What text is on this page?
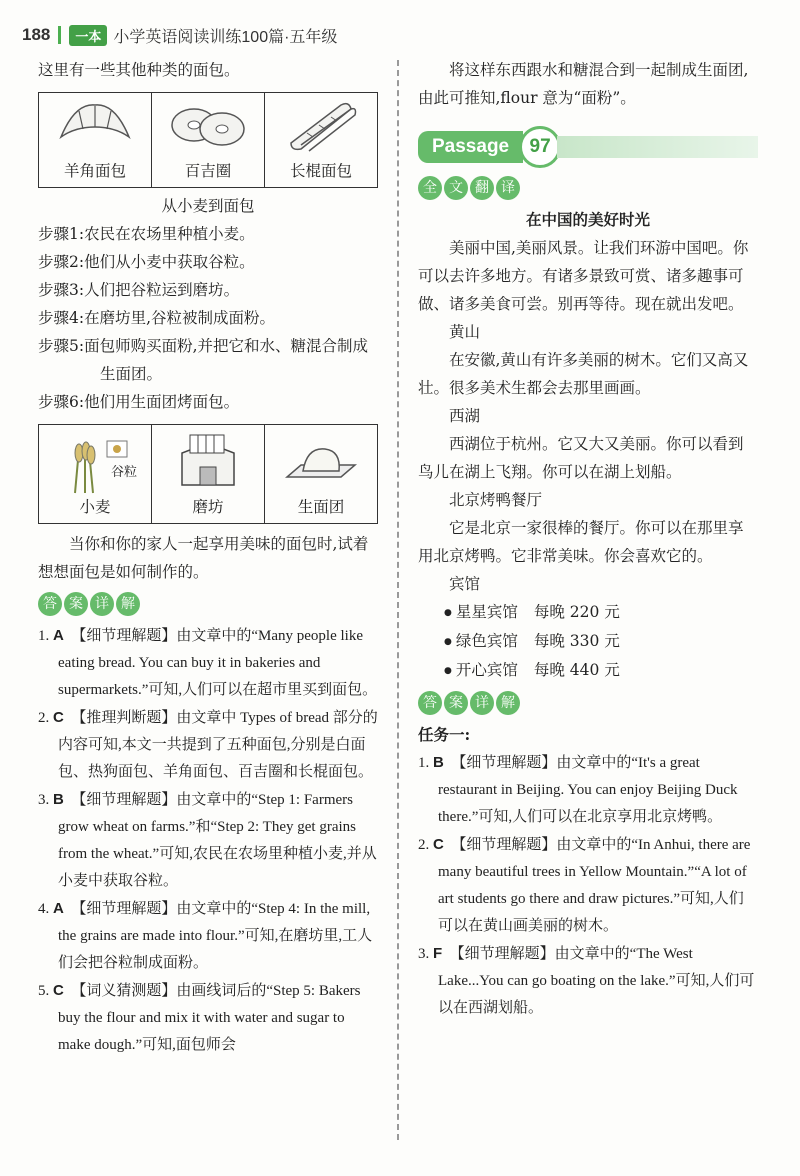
188	一本 小学英语阅读训练100篇·五年级

这里有一些其他种类的面包。

羊角面包	百吉圈	长棍面包

从小麦到面包

步骤1:农民在农场里种植小麦。

步骤2:他们从小麦中获取谷粒。

步骤3:人们把谷粒运到磨坊。

步骤4:在磨坊里,谷粒被制成面粉。

步骤5:面包师购买面粉,并把它和水、糖混合制成生面团。

步骤6:他们用生面团烤面包。

谷粒
小麦	磨坊	生面团

当你和你的家人一起享用美味的面包时,试着想想面包是如何制作的。

答 案 详 解

1. A 【细节理解题】由文章中的“Many people like eating bread. You can buy it in bakeries and supermarkets.”可知,人们可以在超市里买到面包。

2. C 【推理判断题】由文章中 Types of bread 部分的内容可知,本文一共提到了五种面包,分别是白面包、热狗面包、羊角面包、百吉圈和长棍面包。

3. B 【细节理解题】由文章中的“Step 1: Farmers grow wheat on farms.”和“Step 2: They get grains from the wheat.”可知,农民在农场里种植小麦,并从小麦中获取谷粒。

4. A 【细节理解题】由文章中的“Step 4: In the mill, the grains are made into flour.”可知,在磨坊里,工人们会把谷粒制成面粉。

5. C 【词义猜测题】由画线词后的“Step 5: Bakers buy the flour and mix it with water and sugar to make dough.”可知,面包师会

将这样东西跟水和糖混合到一起制成生面团,由此可推知,flour 意为“面粉”。

Passage	97
全 文 翻 译

在中国的美好时光

美丽中国,美丽风景。让我们环游中国吧。你可以去许多地方。有诸多景致可赏、诸多趣事可做、诸多美食可尝。别再等待。现在就出发吧。

黄山

在安徽,黄山有许多美丽的树木。它们又高又壮。很多美术生都会去那里画画。

西湖

西湖位于杭州。它又大又美丽。你可以看到鸟儿在湖上飞翔。你可以在湖上划船。

北京烤鸭餐厅

它是北京一家很棒的餐厅。你可以在那里享用北京烤鸭。它非常美味。你会喜欢它的。

宾馆

● 星星宾馆 每晚 220 元
● 绿色宾馆 每晚 330 元
● 开心宾馆 每晚 440 元
答 案 详 解

任务一:

1. B 【细节理解题】由文章中的“It's a great restaurant in Beijing. You can enjoy Beijing Duck there.”可知,人们可以在北京享用北京烤鸭。

2. C 【细节理解题】由文章中的“In Anhui, there are many beautiful trees in Yellow Mountain.”“A lot of art students go there and draw pictures.”可知,人们可以在黄山画美丽的树木。

3. F 【细节理解题】由文章中的“The West Lake...You can go boating on the lake.”可知,人们可以在西湖划船。
